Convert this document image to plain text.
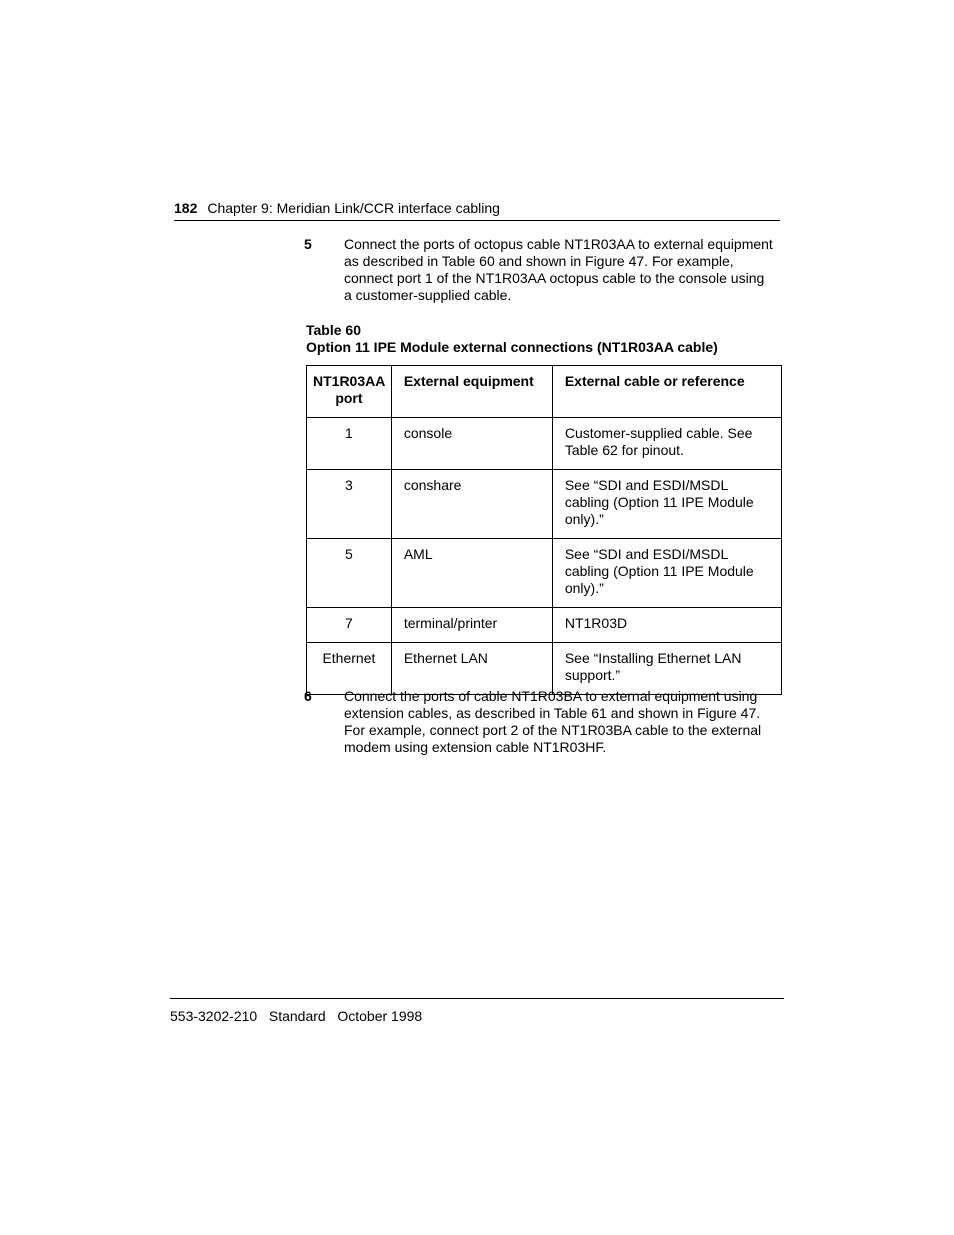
182 Chapter 9: Meridian Link/CCR interface cabling
5 Connect the ports of octopus cable NT1R03AA to external equipment as described in Table 60 and shown in Figure 47. For example, connect port 1 of the NT1R03AA octopus cable to the console using a customer-supplied cable.
Table 60
Option 11 IPE Module external connections (NT1R03AA cable)
NT1R03AA port	External equipment	External cable or reference
1	console	Customer-supplied cable. See Table 62 for pinout.
3	conshare	See “SDI and ESDI/MSDL cabling (Option 11 IPE Module only).”
5	AML	See “SDI and ESDI/MSDL cabling (Option 11 IPE Module only).”
7	terminal/printer	NT1R03D
Ethernet	Ethernet LAN	See “Installing Ethernet LAN support.”
6 Connect the ports of cable NT1R03BA to external equipment using extension cables, as described in Table 61 and shown in Figure 47. For example, connect port 2 of the NT1R03BA cable to the external modem using extension cable NT1R03HF.
553-3202-210 Standard October 1998
